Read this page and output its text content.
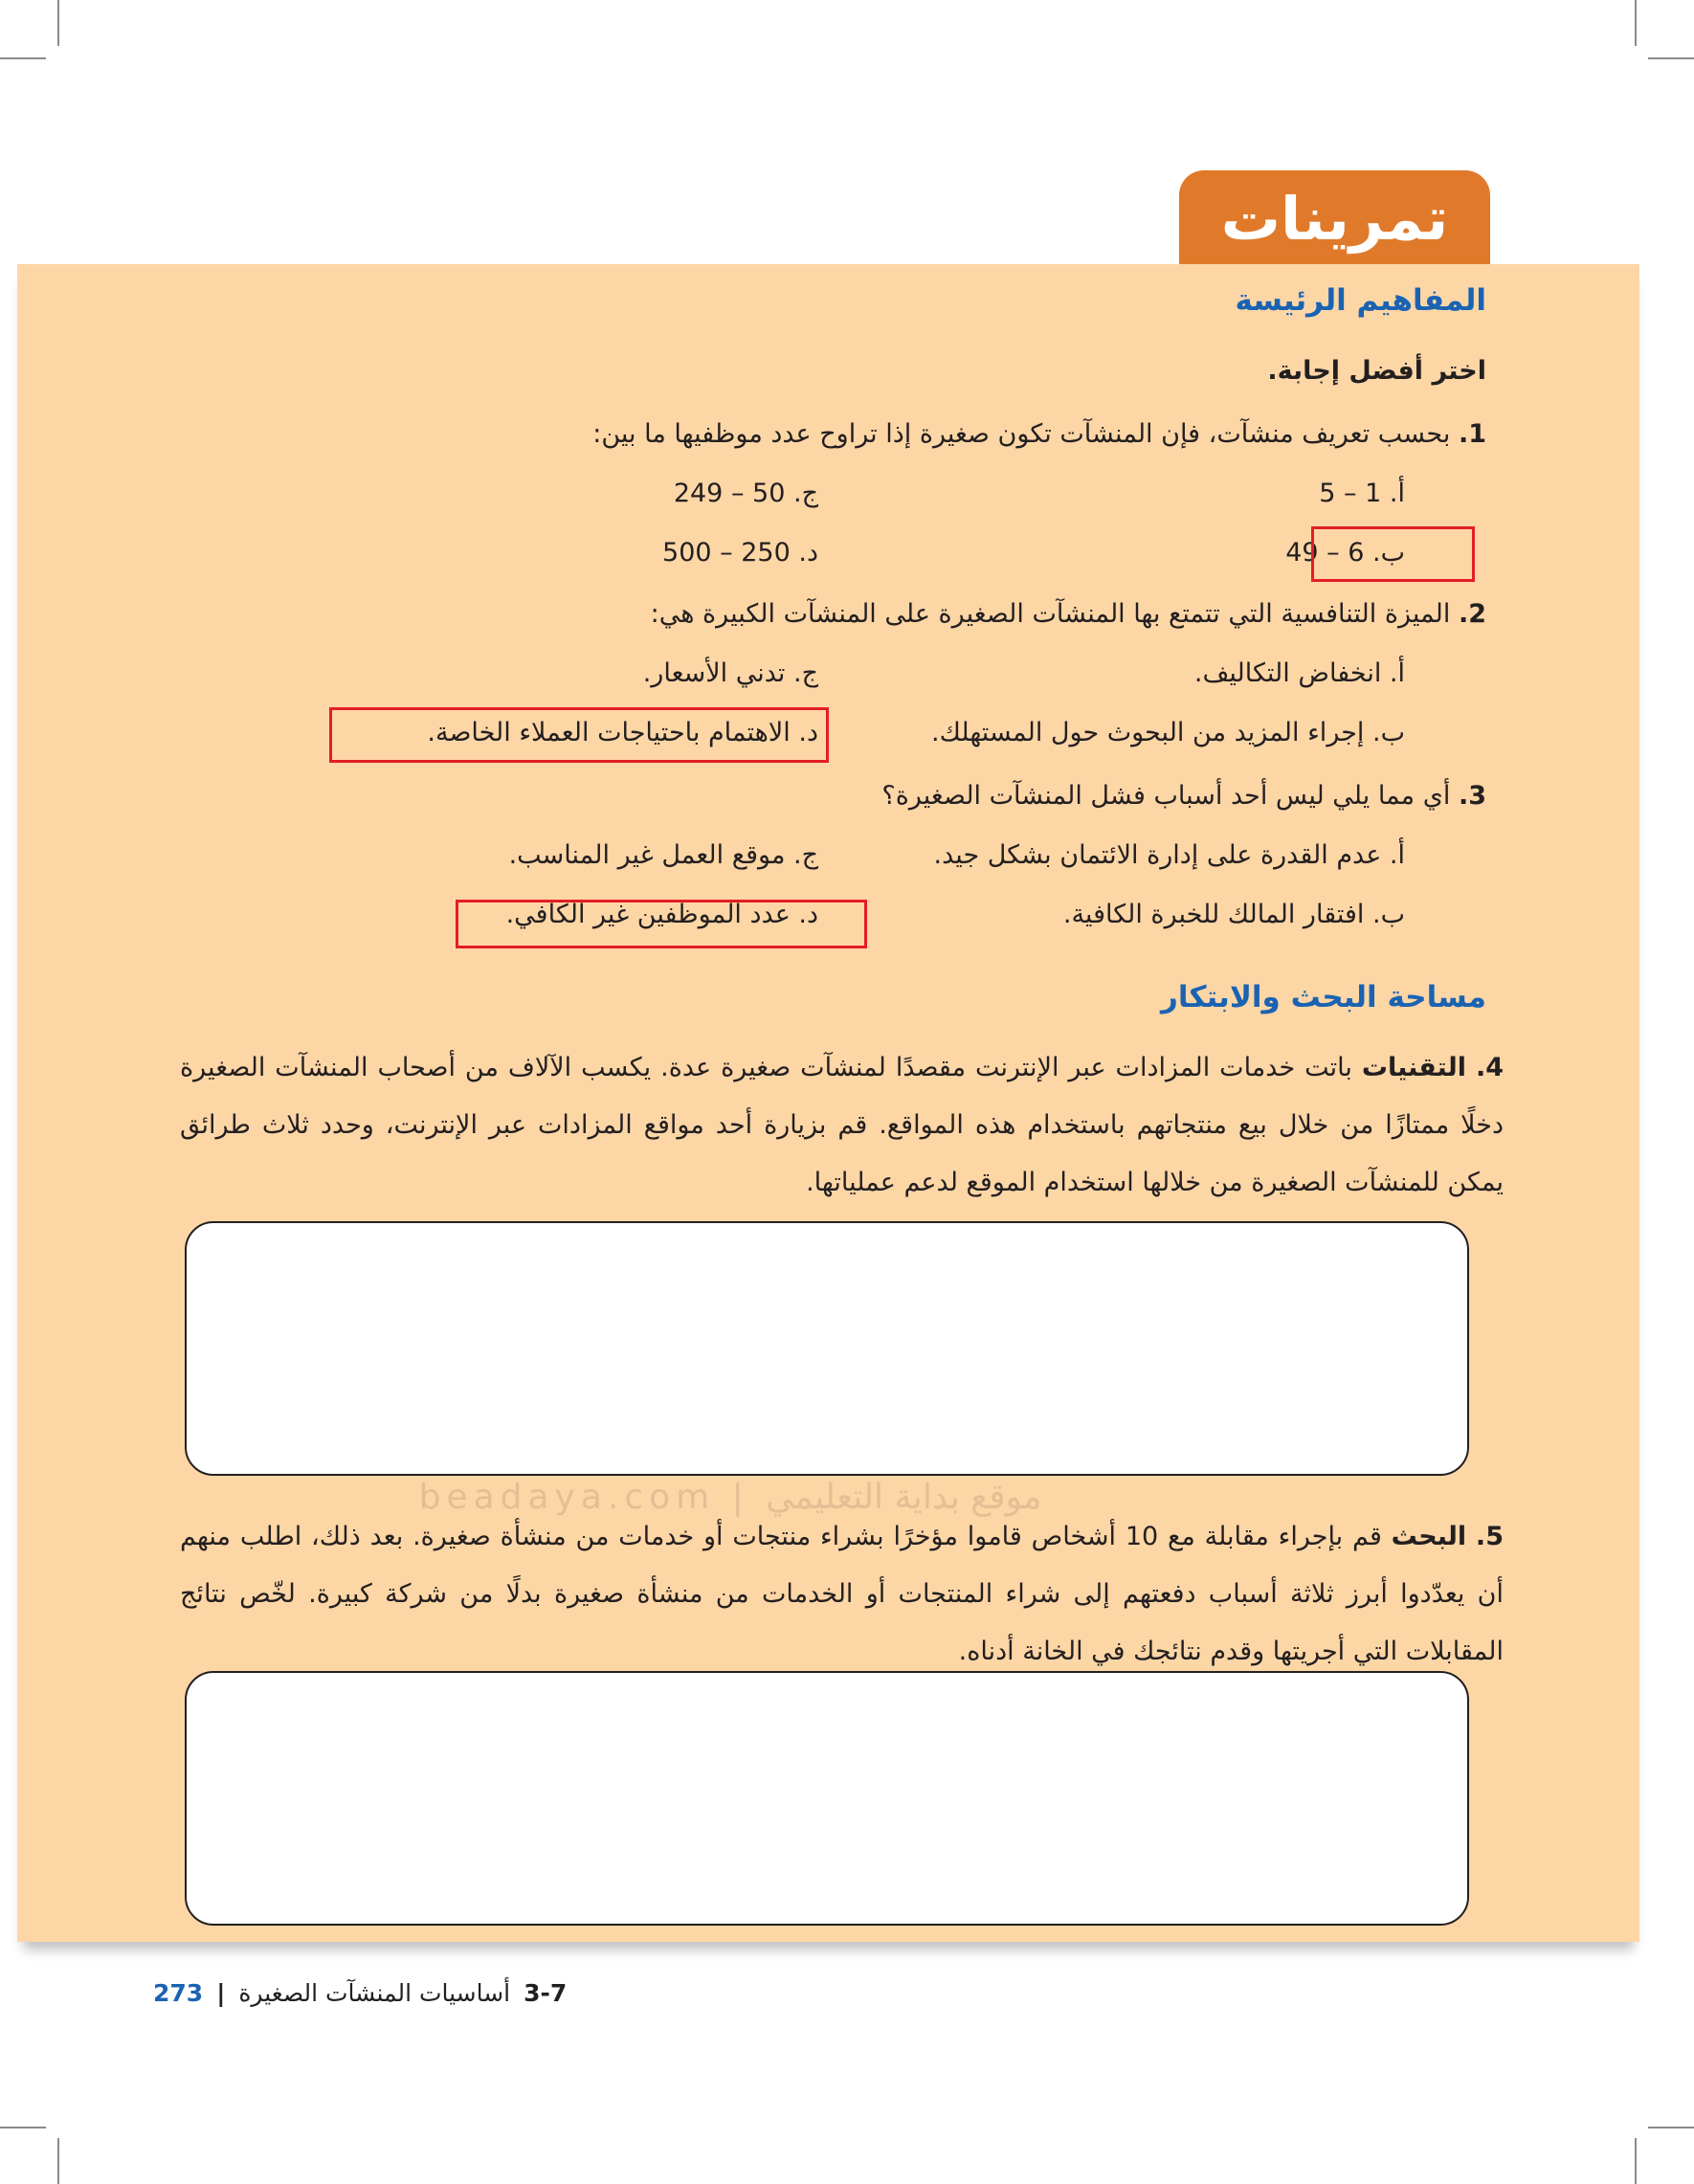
تمرينات
beadaya.com | موقع بداية التعليمي
المفاهيم الرئيسة
اختر أفضل إجابة.
1. بحسب تعريف منشآت، فإن المنشآت تكون صغيرة إذا تراوح عدد موظفيها ما بين:
أ. 1 – 5
ج. 50 – 249
ب. 6 – 49
د. 250 – 500
2. الميزة التنافسية التي تتمتع بها المنشآت الصغيرة على المنشآت الكبيرة هي:
أ. انخفاض التكاليف.
ج. تدني الأسعار.
ب. إجراء المزيد من البحوث حول المستهلك.
د. الاهتمام باحتياجات العملاء الخاصة.
3. أي مما يلي ليس أحد أسباب فشل المنشآت الصغيرة؟
أ. عدم القدرة على إدارة الائتمان بشكل جيد.
ج. موقع العمل غير المناسب.
ب. افتقار المالك للخبرة الكافية.
د. عدد الموظفين غير الكافي.
مساحة البحث والابتكار
4. التقنيات باتت خدمات المزادات عبر الإنترنت مقصدًا لمنشآت صغيرة عدة. يكسب الآلاف من أصحاب المنشآت الصغيرة دخلًا ممتازًا من خلال بيع منتجاتهم باستخدام هذه المواقع. قم بزيارة أحد مواقع المزادات عبر الإنترنت، وحدد ثلاث طرائق يمكن للمنشآت الصغيرة من خلالها استخدام الموقع لدعم عملياتها.
5. البحث قم بإجراء مقابلة مع 10 أشخاص قاموا مؤخرًا بشراء منتجات أو خدمات من منشأة صغيرة. بعد ذلك، اطلب منهم أن يعدّدوا أبرز ثلاثة أسباب دفعتهم إلى شراء المنتجات أو الخدمات من منشأة صغيرة بدلًا من شركة كبيرة. لخّص نتائج المقابلات التي أجريتها وقدم نتائجك في الخانة أدناه.
273 | أساسيات المنشآت الصغيرة 3-7
